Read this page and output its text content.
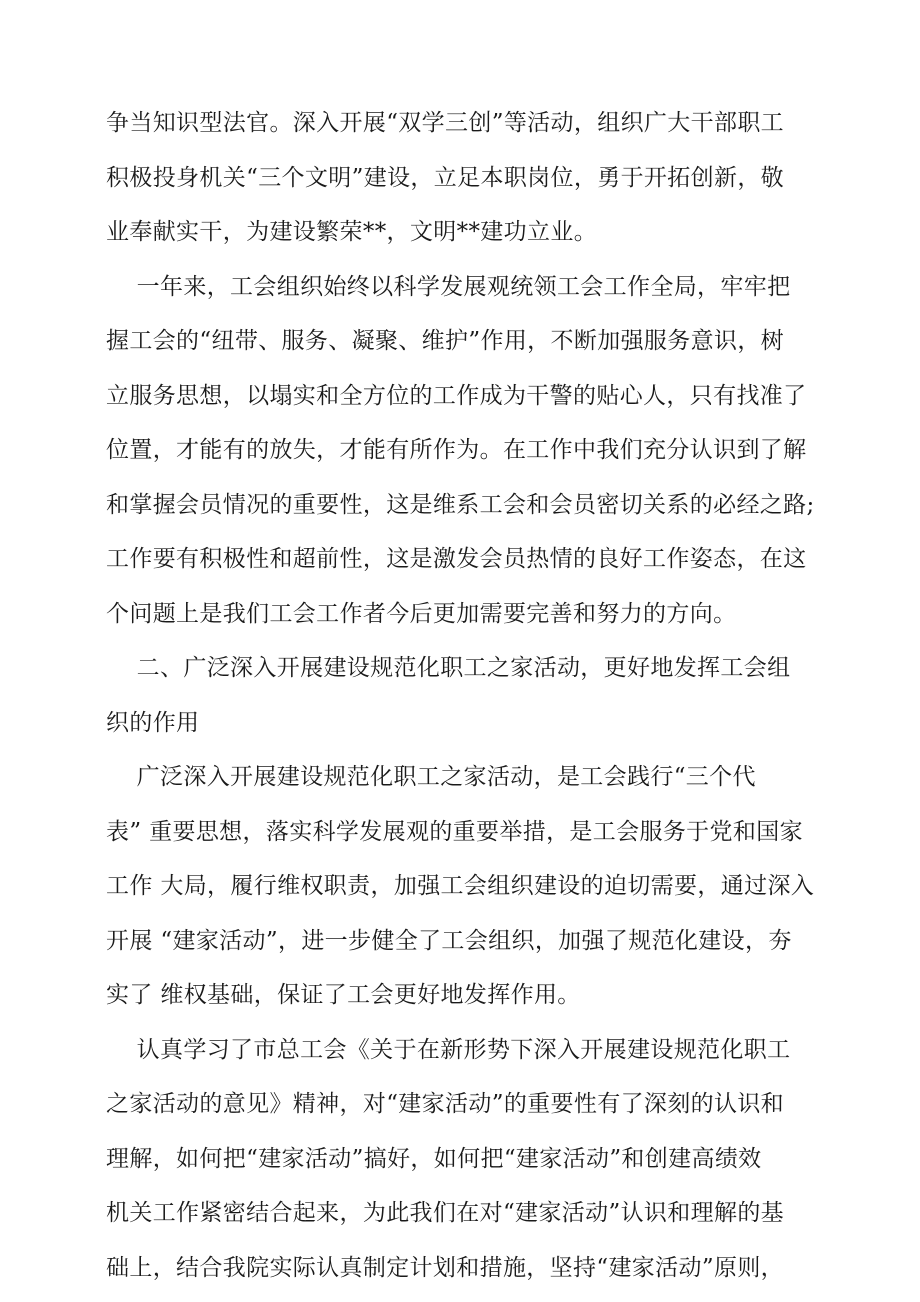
争当知识型法官。深入开展“双学三创”等活动，组织广大干部职工
积极投身机关“三个文明”建设，立足本职岗位，勇于开拓创新，敬
业奉献实干，为建设繁荣**，文明**建功立业。
一年来，工会组织始终以科学发展观统领工会工作全局，牢牢把
握工会的“纽带、服务、凝聚、维护”作用，不断加强服务意识，树
立服务思想，以塌实和全方位的工作成为干警的贴心人，只有找准了
位置，才能有的放失，才能有所作为。在工作中我们充分认识到了解
和掌握会员情况的重要性，这是维系工会和会员密切关系的必经之路;
工作要有积极性和超前性，这是激发会员热情的良好工作姿态，在这
个问题上是我们工会工作者今后更加需要完善和努力的方向。
二、广泛深入开展建设规范化职工之家活动，更好地发挥工会组
织的作用
广泛深入开展建设规范化职工之家活动，是工会践行“三个代
表” 重要思想，落实科学发展观的重要举措，是工会服务于党和国家
工作 大局，履行维权职责，加强工会组织建设的迫切需要，通过深入
开展 “建家活动”，进一步健全了工会组织，加强了规范化建设，夯
实了 维权基础，保证了工会更好地发挥作用。
认真学习了市总工会《关于在新形势下深入开展建设规范化职工
之家活动的意见》精神，对“建家活动”的重要性有了深刻的认识和
理解，如何把“建家活动”搞好，如何把“建家活动”和创建高绩效
机关工作紧密结合起来，为此我们在对“建家活动”认识和理解的基
础上，结合我院实际认真制定计划和措施，坚持“建家活动”原则，
